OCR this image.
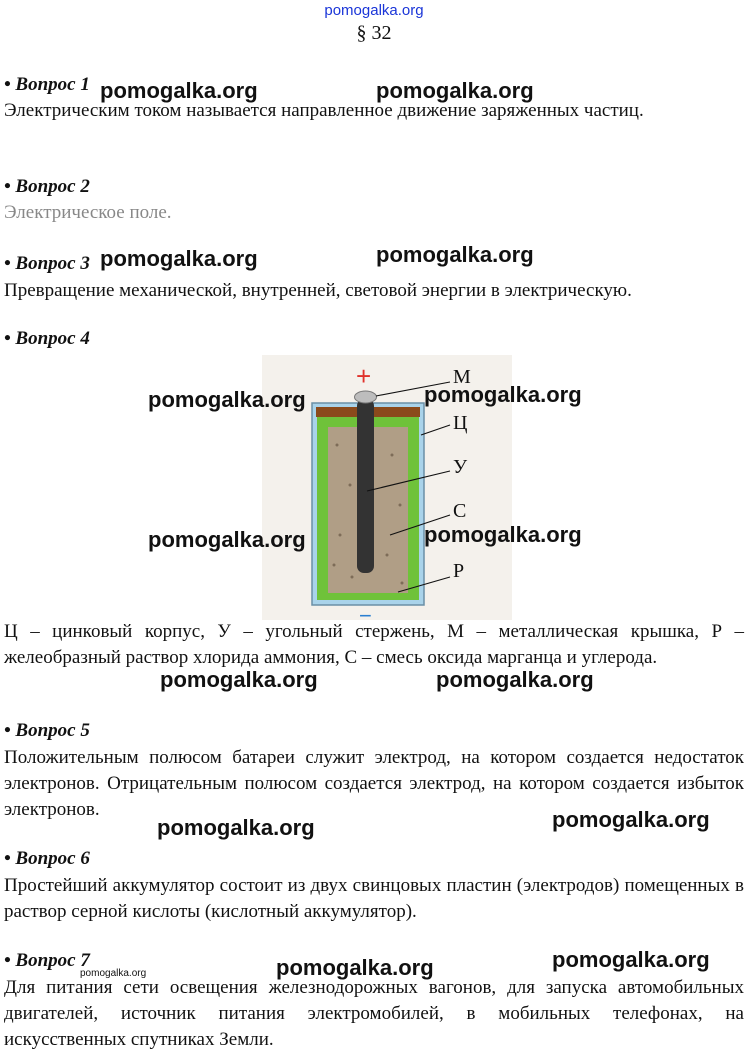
pomogalka.org
§ 32
• Вопрос 1
Электрическим током называется направленное движение заряженных частиц.
• Вопрос 2
Электрическое поле.
• Вопрос 3
Превращение механической, внутренней, световой энергии в электрическую.
• Вопрос 4
+
−
М
Ц
У
С
Р
Ц – цинковый корпус, У – угольный стержень, М – металлическая крышка, Р – желеобразный раствор хлорида аммония, С – смесь оксида марганца и углерода.
• Вопрос 5
Положительным полюсом батареи служит электрод, на котором создается недостаток электронов. Отрицательным полюсом создается электрод, на котором создается избыток электронов.
• Вопрос 6
Простейший аккумулятор состоит из двух свинцовых пластин (электродов) помещенных в раствор серной кислоты (кислотный аккумулятор).
• Вопрос 7
Для питания сети освещения железнодорожных вагонов, для запуска автомобильных двигателей, источник питания электромобилей, в мобильных телефонах, на искусственных спутниках Земли.
pomogalka.org	pomogalka.org
pomogalka.org	pomogalka.org
pomogalka.org	pomogalka.org
pomogalka.org	pomogalka.org
pomogalka.org	pomogalka.org
pomogalka.org	pomogalka.org
pomogalka.org	pomogalka.org
pomogalka.org
